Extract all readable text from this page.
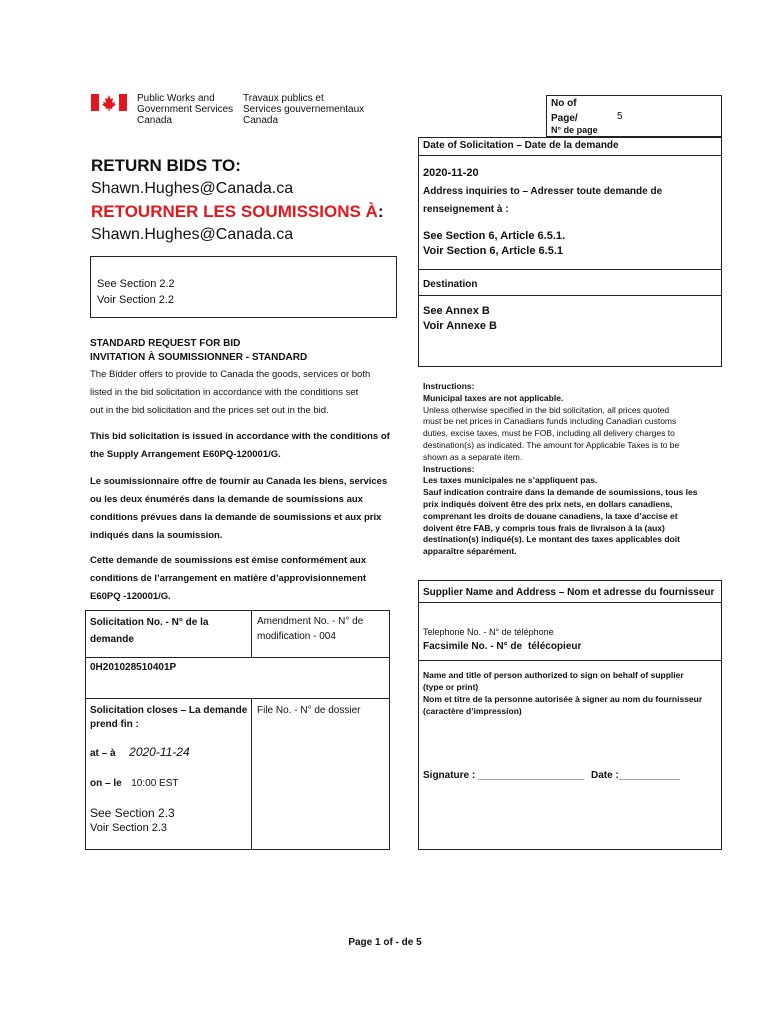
Public Works and
Government Services
Canada
Travaux publics et
Services gouvernementaux
Canada
No of
Page/	5
N° de page
Date of Solicitation – Date de la demande
2020-11-20
Address inquiries to – Adresser toute demande de
renseignement à :
See Section 6, Article 6.5.1.
Voir Section 6, Article 6.5.1
Destination
See Annex B
Voir Annexe B
RETURN BIDS TO:
Shawn.Hughes@Canada.ca
RETOURNER LES SOUMISSIONS À:
Shawn.Hughes@Canada.ca
See Section 2.2
Voir Section 2.2
STANDARD REQUEST FOR BID
INVITATION À SOUMISSIONNER - STANDARD
The Bidder offers to provide to Canada the goods, services or both
listed in the bid solicitation in accordance with the conditions set
out in the bid solicitation and the prices set out in the bid.
This bid solicitation is issued in accordance with the conditions of
the Supply Arrangement E60PQ-120001/G.
Le soumissionnaire offre de fournir au Canada les biens, services
ou les deux énumérés dans la demande de soumissions aux
conditions prévues dans la demande de soumissions et aux prix
indiqués dans la soumission.
Cette demande de soumissions est émise conformément aux
conditions de l’arrangement en matière d’approvisionnement
E60PQ -120001/G.
Instructions:
Municipal taxes are not applicable.
Unless otherwise specified in the bid solicitation, all prices quoted
must be net prices in Canadians funds including Canadian customs
duties, excise taxes, must be FOB, including all delivery charges to
destination(s) as indicated. The amount for Applicable Taxes is to be
shown as a separate item.
Instructions:
Les taxes municipales ne s’appliquent pas.
Sauf indication contraire dans la demande de soumissions, tous les
prix indiqués doivent être des prix nets, en dollars canadiens,
comprenant les droits de douane canadiens, la taxe d’accise et
doivent être FAB, y compris tous frais de livraison à la (aux)
destination(s) indiqué(s). Le montant des taxes applicables doit
apparaître séparément.
Supplier Name and Address – Nom et adresse du fournisseur
Telephone No. - N° de téléphone
Facsimile No. - N° de télécopieur
Name and title of person authorized to sign on behalf of supplier
(type or print)
Nom et titre de la personne autorisée à signer au nom du fournisseur
(caractère d’impression)
Signature : ___________________ Date :___________
Solicitation No. - N° de la
demande
Amendment No. - N° de
modification - 004
0H201028510401P
Solicitation closes – La demande
prend fin :
File No. - N° de dossier
at – à 2020-11-24
on – le 10:00 EST
See Section 2.3
Voir Section 2.3
Page 1 of - de 5
